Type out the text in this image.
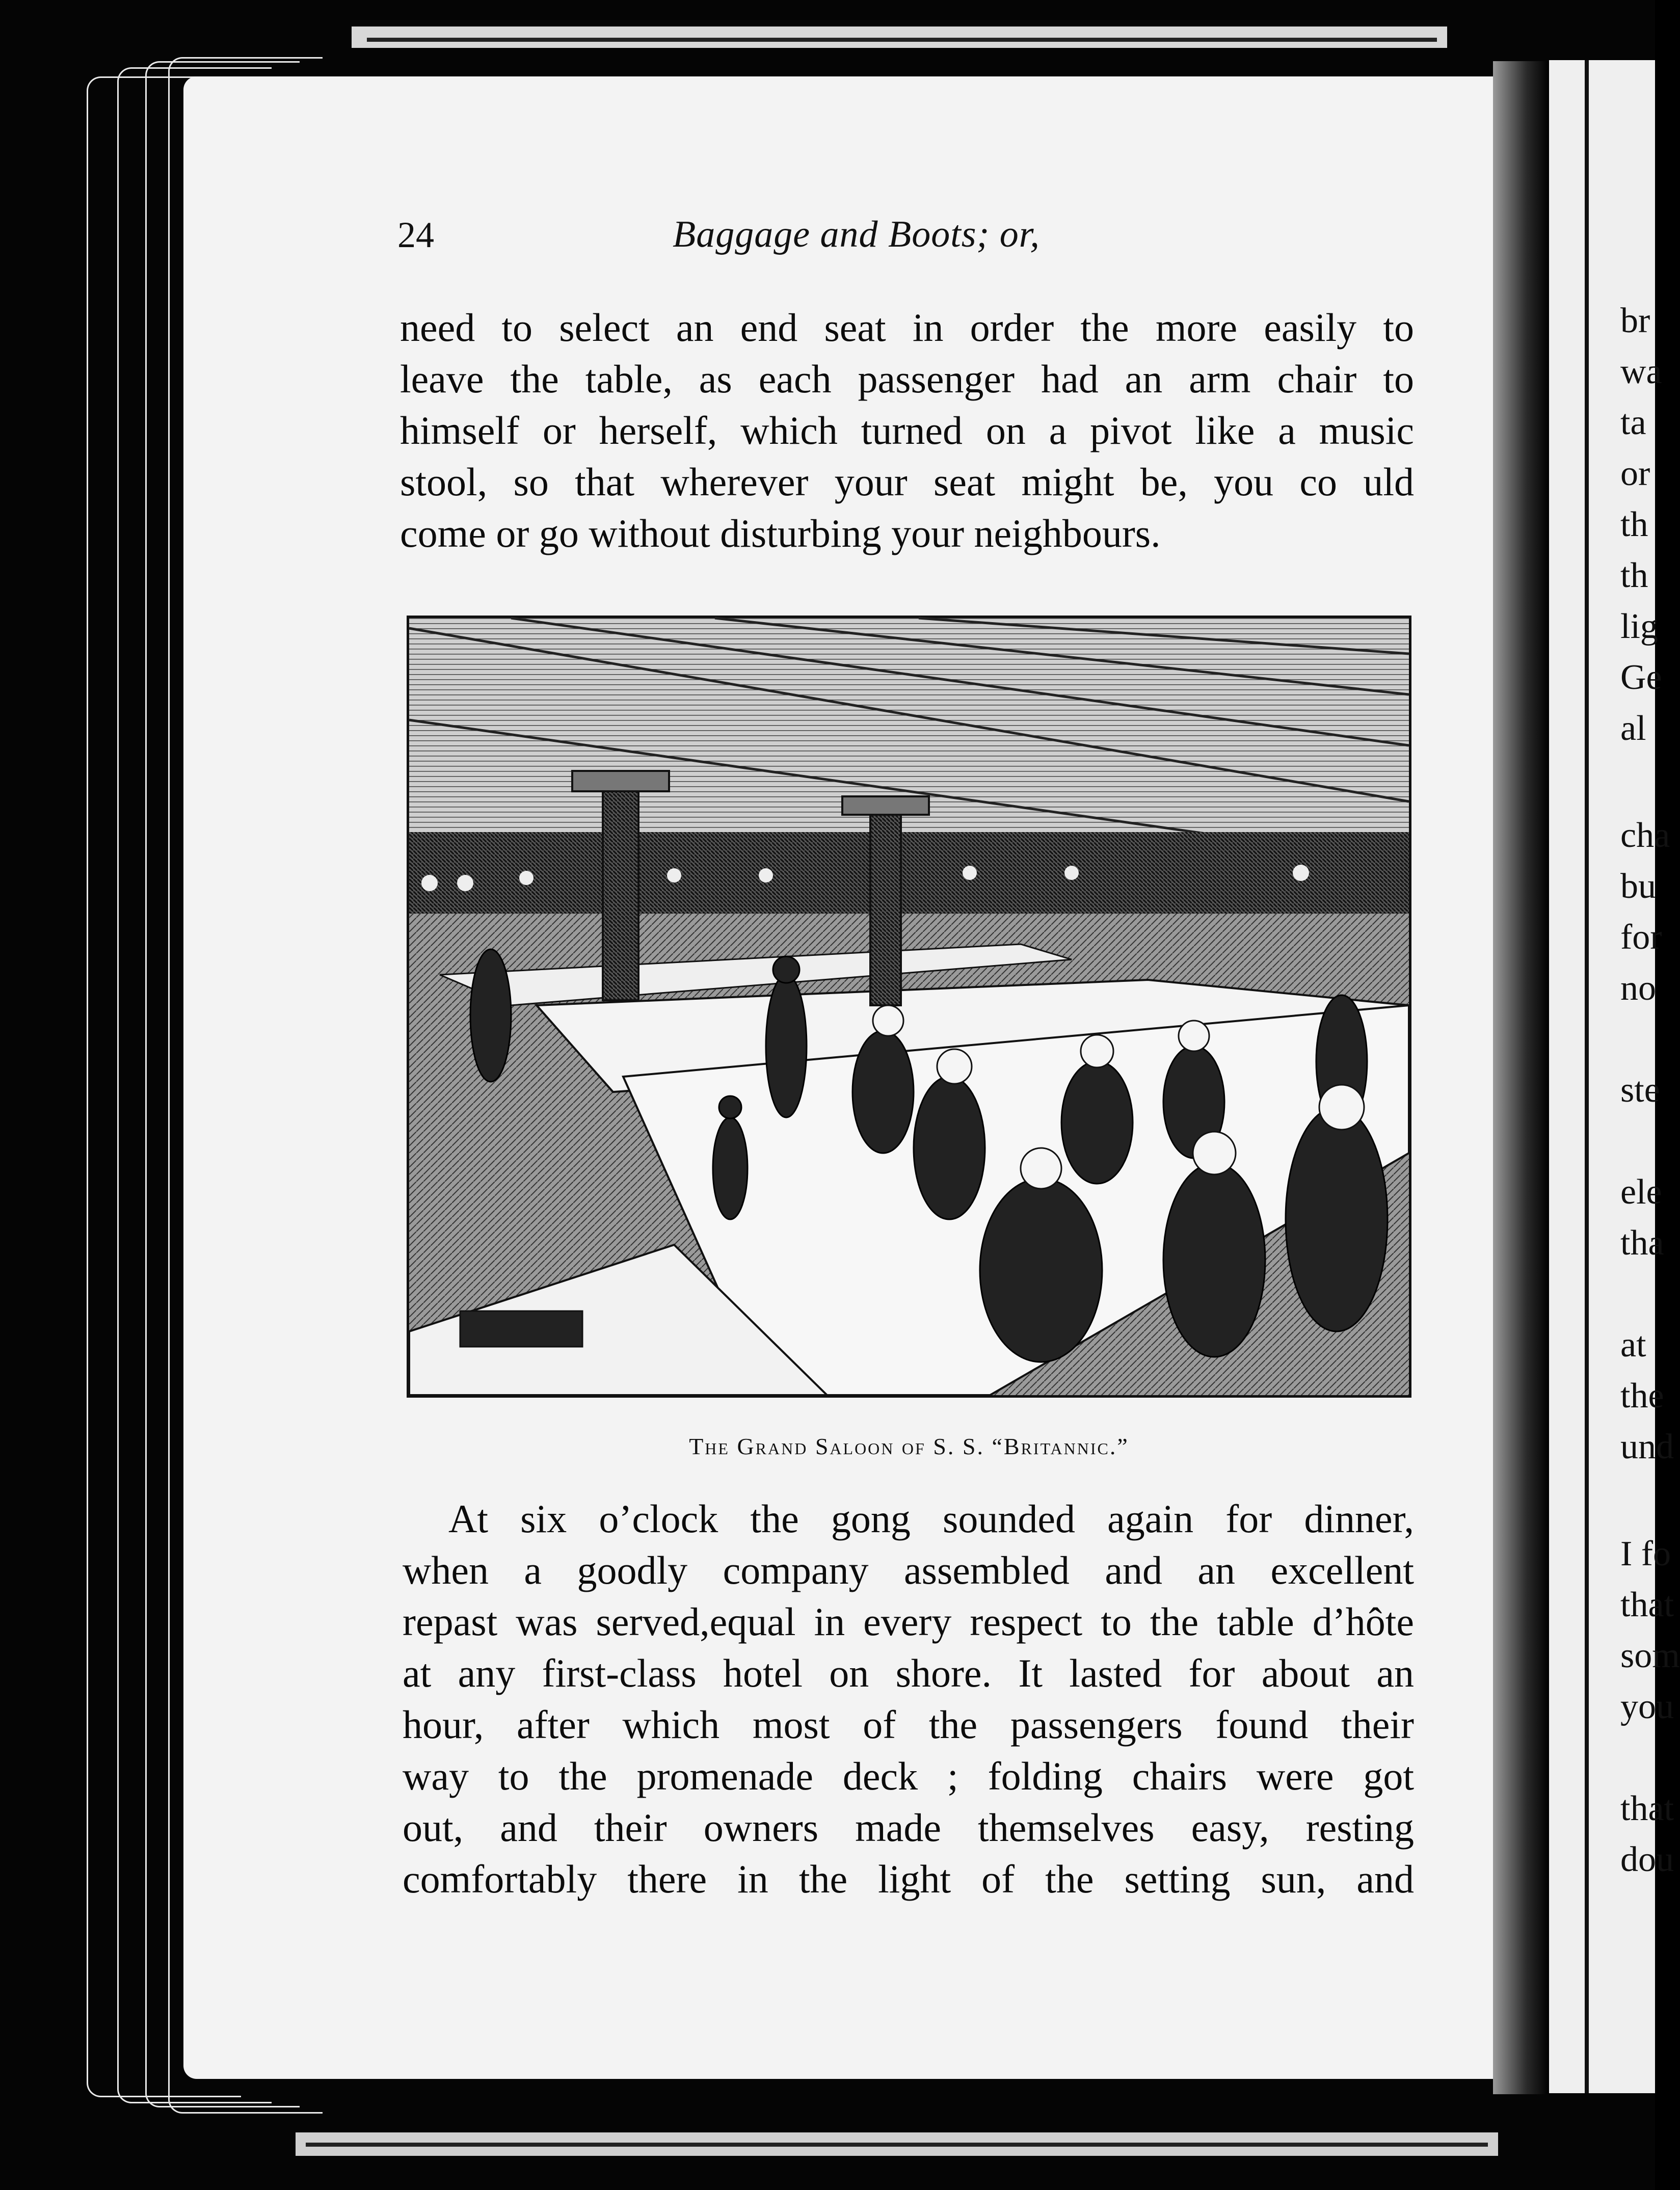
24	Baggage and Boots; or,
need to select an end seat in order the more easily to
leave the table, as each passenger had an arm chair to
himself or herself, which turned on a pivot like a music
stool, so that wherever your seat might be, you co uld
come or go without disturbing your neighbours.
The Grand Saloon of S. S. “Britannic.”
At six o’clock the gong sounded again for dinner,
when a goodly company assembled and an excellent
repast was served,equal in every respect to the table d’hôte
at any first-class hotel on shore. It lasted for about an
hour, after which most of the passengers found their
way to the promenade deck ; folding chairs were got
out, and their owners made themselves easy, resting
comfortably there in the light of the setting sun, and
br
wa
ta
or
th
th
lig
Ge
al
cha
bu
for
no
ste
ele
tha
at
the
und
I fo
that
som
you
that
dou
